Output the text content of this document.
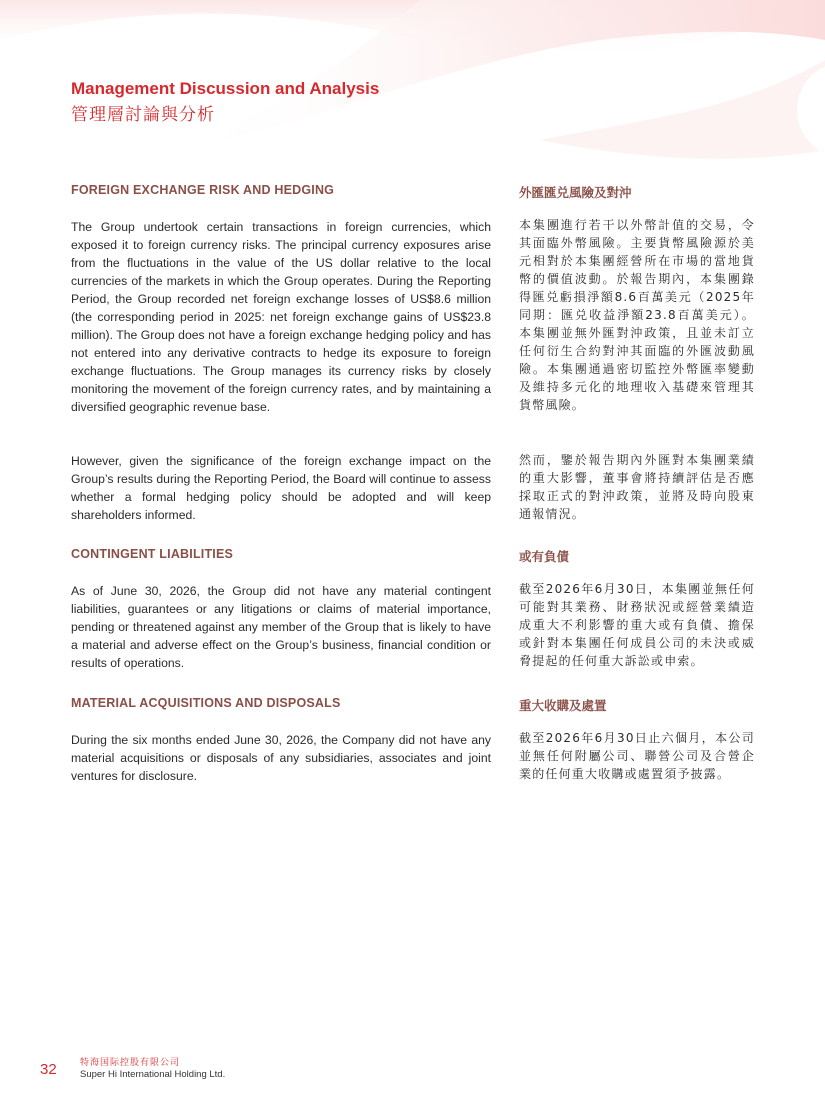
Management Discussion and Analysis
管理層討論與分析
FOREIGN EXCHANGE RISK AND HEDGING	外匯匯兑風險及對沖

The Group undertook certain transactions in foreign currencies, which exposed it to foreign currency risks. The principal currency exposures arise from the fluctuations in the value of the US dollar relative to the local currencies of the markets in which the Group operates. During the Reporting Period, the Group recorded net foreign exchange losses of US$8.6 million (the corresponding period in 2025: net foreign exchange gains of US$23.8 million). The Group does not have a foreign exchange hedging policy and has not entered into any derivative contracts to hedge its exposure to foreign exchange fluctuations. The Group manages its currency risks by closely monitoring the movement of the foreign currency rates, and by maintaining a diversified geographic revenue base.

本集團進行若干以外幣計值的交易，令其面臨外幣風險。主要貨幣風險源於美元相對於本集團經營所在市場的當地貨幣的價值波動。於報告期內，本集團錄得匯兑虧損淨額8.6百萬美元（2025年同期：匯兑收益淨額23.8百萬美元）。本集團並無外匯對沖政策，且並未訂立任何衍生合約對沖其面臨的外匯波動風險。本集團通過密切監控外幣匯率變動及維持多元化的地理收入基礎來管理其貨幣風險。

However, given the significance of the foreign exchange impact on the Group’s results during the Reporting Period, the Board will continue to assess whether a formal hedging policy should be adopted and will keep shareholders informed.

然而，鑒於報告期內外匯對本集團業績的重大影響，董事會將持續評估是否應採取正式的對沖政策，並將及時向股東通報情況。

CONTINGENT LIABILITIES	或有負債

As of June 30, 2026, the Group did not have any material contingent liabilities, guarantees or any litigations or claims of material importance, pending or threatened against any member of the Group that is likely to have a material and adverse effect on the Group’s business, financial condition or results of operations.

截至2026年6月30日，本集團並無任何可能對其業務、財務狀況或經營業績造成重大不利影響的重大或有負債、擔保或針對本集團任何成員公司的未決或威脅提起的任何重大訴訟或申索。

MATERIAL ACQUISITIONS AND DISPOSALS	重大收購及處置

During the six months ended June 30, 2026, the Company did not have any material acquisitions or disposals of any subsidiaries, associates and joint ventures for disclosure.

截至2026年6月30日止六個月，本公司並無任何附屬公司、聯營公司及合營企業的任何重大收購或處置須予披露。

32	特海国际控股有限公司
Super Hi International Holding Ltd.
